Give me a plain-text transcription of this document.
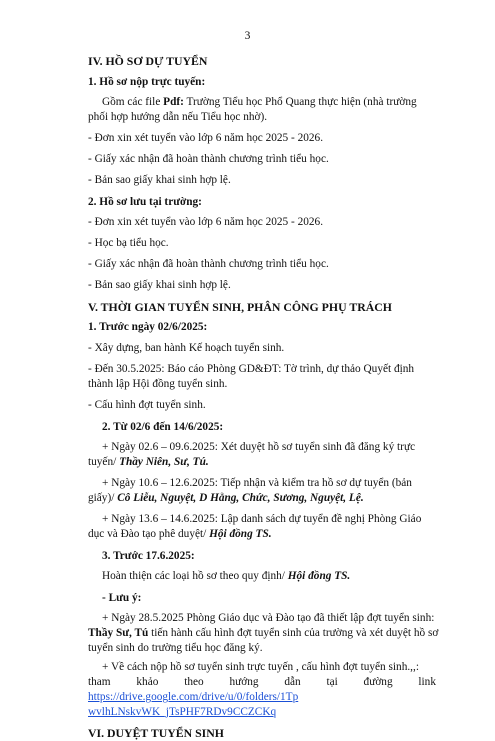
3

IV. HỒ SƠ DỰ TUYỂN

1. Hồ sơ nộp trực tuyến:

Gồm các file Pdf: Trường Tiểu học Phổ Quang thực hiện (nhà trường

phối hợp hướng dẫn nếu Tiểu học nhờ).

- Đơn xin xét tuyển vào lớp 6 năm học 2025 - 2026.

- Giấy xác nhận đã hoàn thành chương trình tiểu học.

- Bản sao giấy khai sinh hợp lệ.

2. Hồ sơ lưu tại trường:

- Đơn xin xét tuyển vào lớp 6 năm học 2025 - 2026.

- Học bạ tiểu học.

- Giấy xác nhận đã hoàn thành chương trình tiểu học.

- Bản sao giấy khai sinh hợp lệ.

V. THỜI GIAN TUYỂN SINH, PHÂN CÔNG PHỤ TRÁCH

1. Trước ngày 02/6/2025:

- Xây dựng, ban hành Kế hoạch tuyển sinh.

- Đến 30.5.2025: Báo cáo Phòng GD&ĐT: Tờ trình, dự thảo Quyết định

thành lập Hội đồng tuyển sinh.

- Cấu hình đợt tuyển sinh.

2. Từ 02/6 đến 14/6/2025:

+ Ngày 02.6 – 09.6.2025: Xét duyệt hồ sơ tuyển sinh đã đăng ký trực

tuyến/ Thầy Niên, Sư, Tú.

+ Ngày 10.6 – 12.6.2025: Tiếp nhận và kiểm tra hồ sơ dự tuyển (bản

giấy)/ Cô Liễu, Nguyệt, D Hằng, Chức, Sương, Nguyệt, Lệ.

+ Ngày 13.6 – 14.6.2025: Lập danh sách dự tuyển đề nghị Phòng Giáo

dục và Đào tạo phê duyệt/ Hội đồng TS.

3. Trước 17.6.2025:

Hoàn thiện các loại hồ sơ theo quy định/ Hội đồng TS.

- Lưu ý:

+ Ngày 28.5.2025 Phòng Giáo dục và Đào tạo đã thiết lập đợt tuyển sinh:

Thầy Sư, Tú tiến hành cấu hình đợt tuyển sinh của trường và xét duyệt hồ sơ

tuyển sinh do trường tiểu học đăng ký.

+ Về cách nộp hồ sơ tuyển sinh trực tuyến , cấu hình đợt tuyển sinh.,,:

tham khảo theo hướng dẫn tại đường link

https://drive.google.com/drive/u/0/folders/1Tp

wvlhLNskvWK_jTsPHF7RDv9CCZCKq

VI. DUYỆT TUYỂN SINH
